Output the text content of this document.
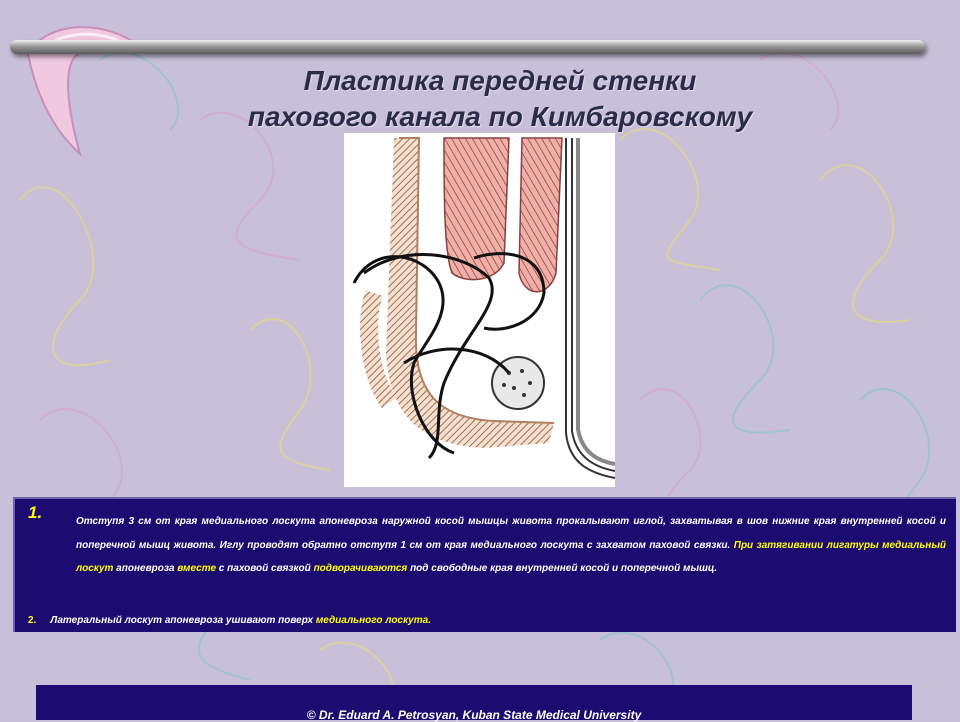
Пластика передней стенки
пахового канала по Кимбаровскому
1.	Отступя 3 см от края медиального лоскута апоневроза наружной косой мышцы живота прокалывают иглой, захватывая в шов нижние края внутренней косой и поперечной мышц живота. Иглу проводят обратно отступя 1 см от края медиального лоскута с захватом паховой связки. При затягивании лигатуры медиальный лоскут апоневроза вместе с паховой связкой подворачиваются под свободные края внутренней косой и поперечной мышц.
2. Латеральный лоскут апоневроза ушивают поверх медиального лоскута.
© Dr. Eduard A. Petrosyan, Kuban State Medical University
